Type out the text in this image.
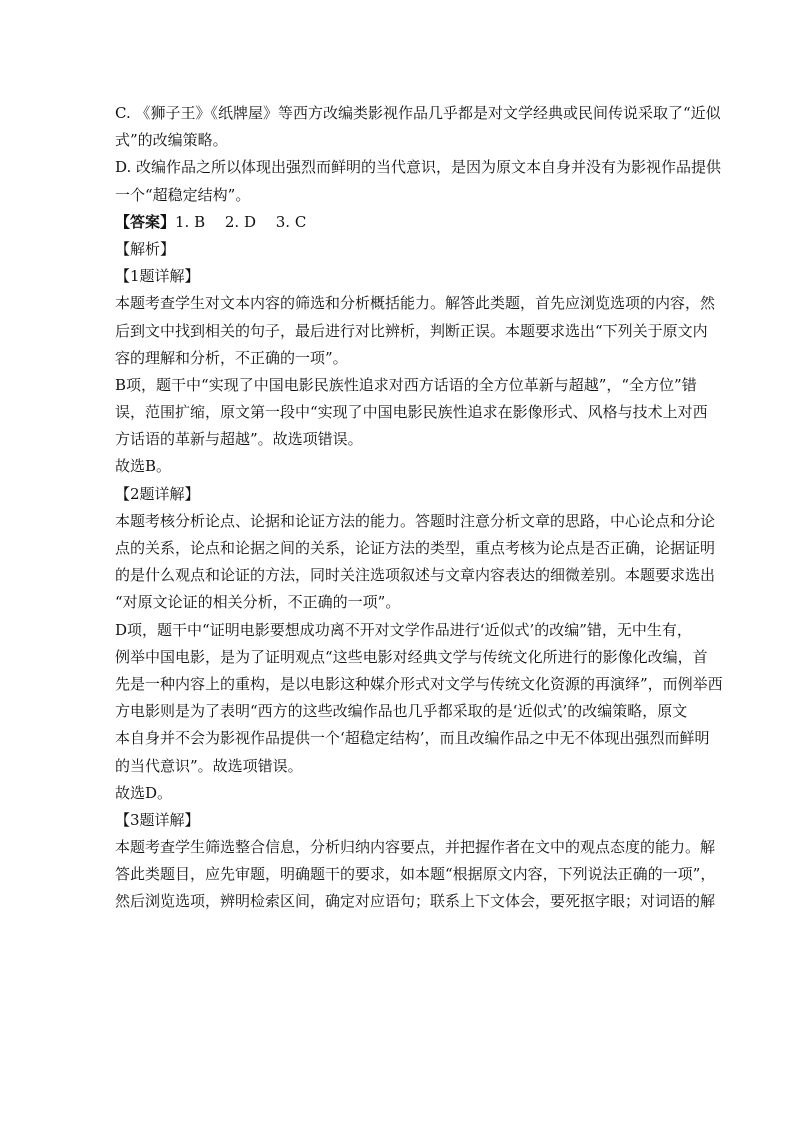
C. 《狮子王》《纸牌屋》等西方改编类影视作品几乎都是对文学经典或民间传说采取了“近似
式”的改编策略。
D. 改编作品之所以体现出强烈而鲜明的当代意识，是因为原文本自身并没有为影视作品提供
一个“超稳定结构”。
【答案】1. B　 2. D　 3. C
【解析】
【1题详解】
本题考查学生对文本内容的筛选和分析概括能力。解答此类题，首先应浏览选项的内容，然
后到文中找到相关的句子，最后进行对比辨析，判断正误。本题要求选出“下列关于原文内
容的理解和分析，不正确的一项”。
B项，题干中“实现了中国电影民族性追求对西方话语的全方位革新与超越”，“全方位”错
误，范围扩缩，原文第一段中“实现了中国电影民族性追求在影像形式、风格与技术上对西
方话语的革新与超越”。故选项错误。
故选B。
【2题详解】
本题考核分析论点、论据和论证方法的能力。答题时注意分析文章的思路，中心论点和分论
点的关系，论点和论据之间的关系，论证方法的类型，重点考核为论点是否正确，论据证明
的是什么观点和论证的方法，同时关注选项叙述与文章内容表达的细微差别。本题要求选出
“对原文论证的相关分析，不正确的一项”。
D项，题干中“证明电影要想成功离不开对文学作品进行‘近似式’的改编”错，无中生有，
例举中国电影，是为了证明观点“这些电影对经典文学与传统文化所进行的影像化改编，首
先是一种内容上的重构，是以电影这种媒介形式对文学与传统文化资源的再演绎”，而例举西
方电影则是为了表明“西方的这些改编作品也几乎都采取的是‘近似式’的改编策略，原文
本自身并不会为影视作品提供一个‘超稳定结构’，而且改编作品之中无不体现出强烈而鲜明
的当代意识”。故选项错误。
故选D。
【3题详解】
本题考查学生筛选整合信息，分析归纳内容要点，并把握作者在文中的观点态度的能力。解
答此类题目，应先审题，明确题干的要求，如本题“根据原文内容，下列说法正确的一项”，
然后浏览选项，辨明检索区间，确定对应语句；联系上下文体会，要死抠字眼；对词语的解
